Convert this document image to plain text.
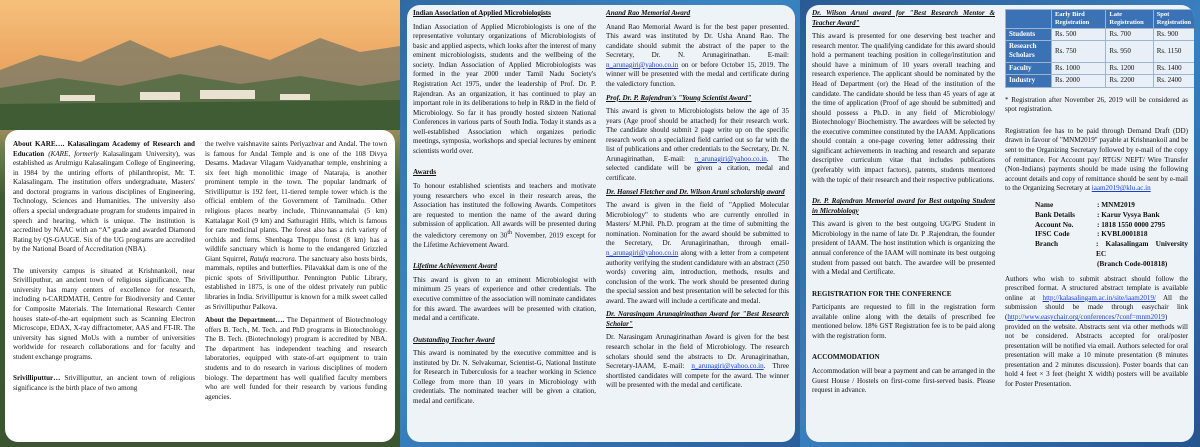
About KARE…. Kalasalingam Academy of Research and Education (KARE, formerly Kalasalingam University), was established as Arulmigu Kalasalingam College of Engineering, in 1984 by the untiring efforts of philanthropist, Mr. T. Kalasalingam. The institution offers undergraduate, Masters' and doctoral programs in various disciplines of Engineering, Technology, Sciences and Humanities. The university also offers a special undergraduate program for students impaired in speech and hearing, which is unique. The institution is accredited by NAAC with an “A” grade and awarded Diamond Rating by QS-GAUGE. Six of the UG programs are accredited by the National Board of Accreditation (NBA).

The university campus is situated at Krishnankoil, near Srivilliputhur, an ancient town of religious significance. The university has many centers of excellence for research, including n-CARDMATH, Centre for Biodiversity and Center for Composite Materials. The International Research Center houses state-of-the-art equipment such as Scanning Electron Microscope, EDAX, X-ray diffractometer, AAS and FT-IR. The university has signed MoUs with a number of universities worldwide for research collaborations and for faculty and student exchange programs.

Srivilliputtur… Srivilliputtur, an ancient town of religious significance is the birth place of two among

the twelve vaishnavite saints Periyazhvar and Andal. The town is famous for Andal Temple and is one of the 108 Divya Desams. Madavar Vilagam Vaidyanathar temple, enshrining a six feet high monolithic image of Nataraja, is another prominent temple in the town. The popular landmark of Srivilliputtur is 192 feet, 11-tiered temple tower which is the official emblem of the Government of Tamilnadu. Other religious places nearby include, Thiruvannamalai (5 km) Kattalagar Koil (9 km) and Sathuragiri Hills, which is famous for rare medicinal plants. The forest also has a rich variety of orchids and ferns. Shenbaga Thoppu forest (8 km) has a wildlife sanctuary which is home to the endangered Grizzled Giant Squirrel, Ratufa macrora. The sanctuary also hosts birds, mammals, reptiles and butterflies. Pilavakkal dam is one of the picnic spots of Srivilliputthur. Pennington Public Library, established in 1875, is one of the oldest privately run public libraries in India. Srivilliputtur is known for a milk sweet called as Srivilliputhur Palkova.

About the Department…. The Department of Biotechnology offers B. Tech., M. Tech. and PhD programs in Biotechnology. The B. Tech. (Biotechnology) program is accredited by NBA. The department has independent teaching and research laboratories, equipped with state-of-art equipment to train students and to do research in various disciplines of modern biology. The department has well qualified faculty members who are well funded for their research by various funding agencies.

Indian Association of Applied Microbiologists

Indian Association of Applied Microbiologists is one of the representative voluntary organizations of Microbiologists of basic and applied aspects, which looks after the interest of many eminent microbiologists, students and the wellbeing of the society. Indian Association of Applied Microbiologists was formed in the year 2000 under Tamil Nadu Society's Registration Act 1975, under the leadership of Prof. Dr. P. Rajendran. As an organization, it has continued to play an important role in its deliberations to help in R&D in the field of Microbiology. So far it has proudly hosted sixteen National Conferences in various parts of South India. Today it stands as a well-established Association which organizes periodic meetings, symposia, workshops and special lectures by eminent scientists world over.

Awards

To honour established scientists and teachers and motivate young researchers who excel in their research areas, the Association has instituted the following Awards. Competitors are requested to mention the name of the award during submission of application. All awards will be presented during the valedictory ceremony on 30th November, 2019 except for the Lifetime Achievement Award.

Lifetime Achievement Award

This award is given to an eminent Microbiologist with minimum 25 years of experience and other credentials. The executive committee of the association will nominate candidates for this award. The awardees will be presented with citation, medal and a certificate.

Outstanding Teacher Award

This award is nominated by the executive committee and is instituted by Dr. N. Selvakumar, Scientist-G, National Institute for Research in Tuberculosis for a teacher working in Science College from more than 10 years in Microbiology with credentials. The nominated teacher will be given a citation, medal and certificate.

Anand Rao Memorial Award

Anand Rao Memorial Award is for the best paper presented. This award was instituted by Dr. Usha Anand Rao. The candidate should submit the abstract of the paper to the Secretary, Dr. N. Arunagirinathan. E-mail: n_arunagiri@yahoo.co.in on or before October 15, 2019. The winner will be presented with the medal and certificate during the valedictory function.

Prof. Dr. P. Rajendran's "Young Scientist Award"

This award is given to Microbiologists below the age of 35 years (Age proof should be attached) for their research work. The candidate should submit 2 page write up on the specific research work on a specialized field carried out so far with the list of publications and other credentials to the Secretary, Dr. N. Arunagirinathan, E-mail: n_arunagiri@yahoo.co.in. The selected candidate will be given a citation, medal and certificate.

Dr. Hansel Fletcher and Dr. Wilson Aruni scholarship award

The award is given in the field of "Applied Molecular Microbiology" to students who are currently enrolled in Masters/ M.Phil. Ph.D. program at the time of submitting the nomination. Nomination for the award should be submitted to the Secretary, Dr. Arunagirinathan, through email- n_arunagiri@yahoo.co.in along with a letter from a competent authority verifying the student candidature with an abstract (250 words) covering aim, introduction, methods, results and conclusion of the work. The work should be presented during the special session and best presentation will be selected for this award. The award will include a certificate and medal.

Dr. Narasingam Arunagirinathan Award for "Best Research Scholar"

Dr. Narasingam Arunagirinathan Award is given for the best research scholar in the field of Microbiology. The research scholars should send the abstracts to Dr. Arunagirinathan, Secretary-IAAM, E-mail: n_arunagiri@yahoo.co.in. Three shortlisted candidates will compete for the award. The winner will be presented with the medal and certificate.

Dr. Wilson Aruni award for "Best Research Mentor & Teacher Award"

This award is presented for one deserving best teacher and research mentor. The qualifying candidate for this award should hold a permanent teaching position in college/institution and should have a minimum of 10 years overall teaching and research experience. The applicant should be nominated by the Head of Department (or) the Head of the institution of the candidate. The candidate should be less than 45 years of age at the time of application (Proof of age should be submitted) and should possess a Ph.D. in any field of Microbiology/ Biotechnology/ Biochemistry. The awardees will be selected by the executive committee constituted by the IAAM. Applications should contain a one-page covering letter addressing their significant achievements in teaching and research and separate descriptive curriculum vitae that includes publications (preferably with impact factors), patents, students mentored with the topic of their research and their respective publications.

Dr. P. Rajendran Memorial award for Best outgoing Student in Microbiology

This award is given to the best outgoing UG/PG Student in Microbiology in the name of late Dr. P .Rajendran, the founder president of IAAM. The host institution which is organizing the annual conference of the IAAM will nominate its best outgoing student from passed out batch. The awardee will be presented with a Medal and Certificate.

REGISTRATION FOR THE CONFERENCE

Participants are requested to fill in the registration form available online along with the details of prescribed fee mentioned below. 18% GST Registration fee is to be paid along with the registration form.

ACCOMMODATION

Accommodation will bear a payment and can be arranged in the Guest House / Hostels on first-come first-served basis. Please request in advance.

	Early Bird Registration	Late Registration	Spot Registration
Students	Rs. 500	Rs. 700	Rs. 900
Research Scholars	Rs. 750	Rs. 950	Rs. 1150
Faculty	Rs. 1000	Rs. 1200	Rs. 1400
Industry	Rs. 2000	Rs. 2200	Rs. 2400

* Registration after November 26, 2019 will be considered as spot registration.

Registration fee has to be paid through Demand Draft (DD) drawn in favour of "MNM2019" payable at Krishnankoil and be sent to the Organizing Secretary followed by e-mail of the copy of remittance. For Account pay/ RTGS/ NEFT/ Wire Transfer (Non-Indians) payments should be made using the following account details and copy of remittance should be sent by e-mail to the Organizing Secretary at iaam2019@klu.ac.in

Name	: MNM2019
Bank Details	: Karur Vysya Bank
Account No.	: 1818 1550 0000 2795
IFSC Code	: KVBL0001818
Branch	: Kalasalingam University EC
(Branch Code-001818)

Authors who wish to submit abstract should follow the prescribed format. A structured abstract template is available online at http://kalasalingam.ac.in/site/iaam2019/ All the submission should be made through easychair link (http://www.easychair.org/conferences/?conf=mnm2019) provided on the website. Abstracts sent via other methods will not be considered. Abstracts accepted for oral/poster presentation will be notified via email. Authors selected for oral presentation will make a 10 minute presentation (8 minutes presentation and 2 minutes discussion). Poster boards that can hold 4 feet × 3 feet (height X width) posters will be available for Poster Presentation.
